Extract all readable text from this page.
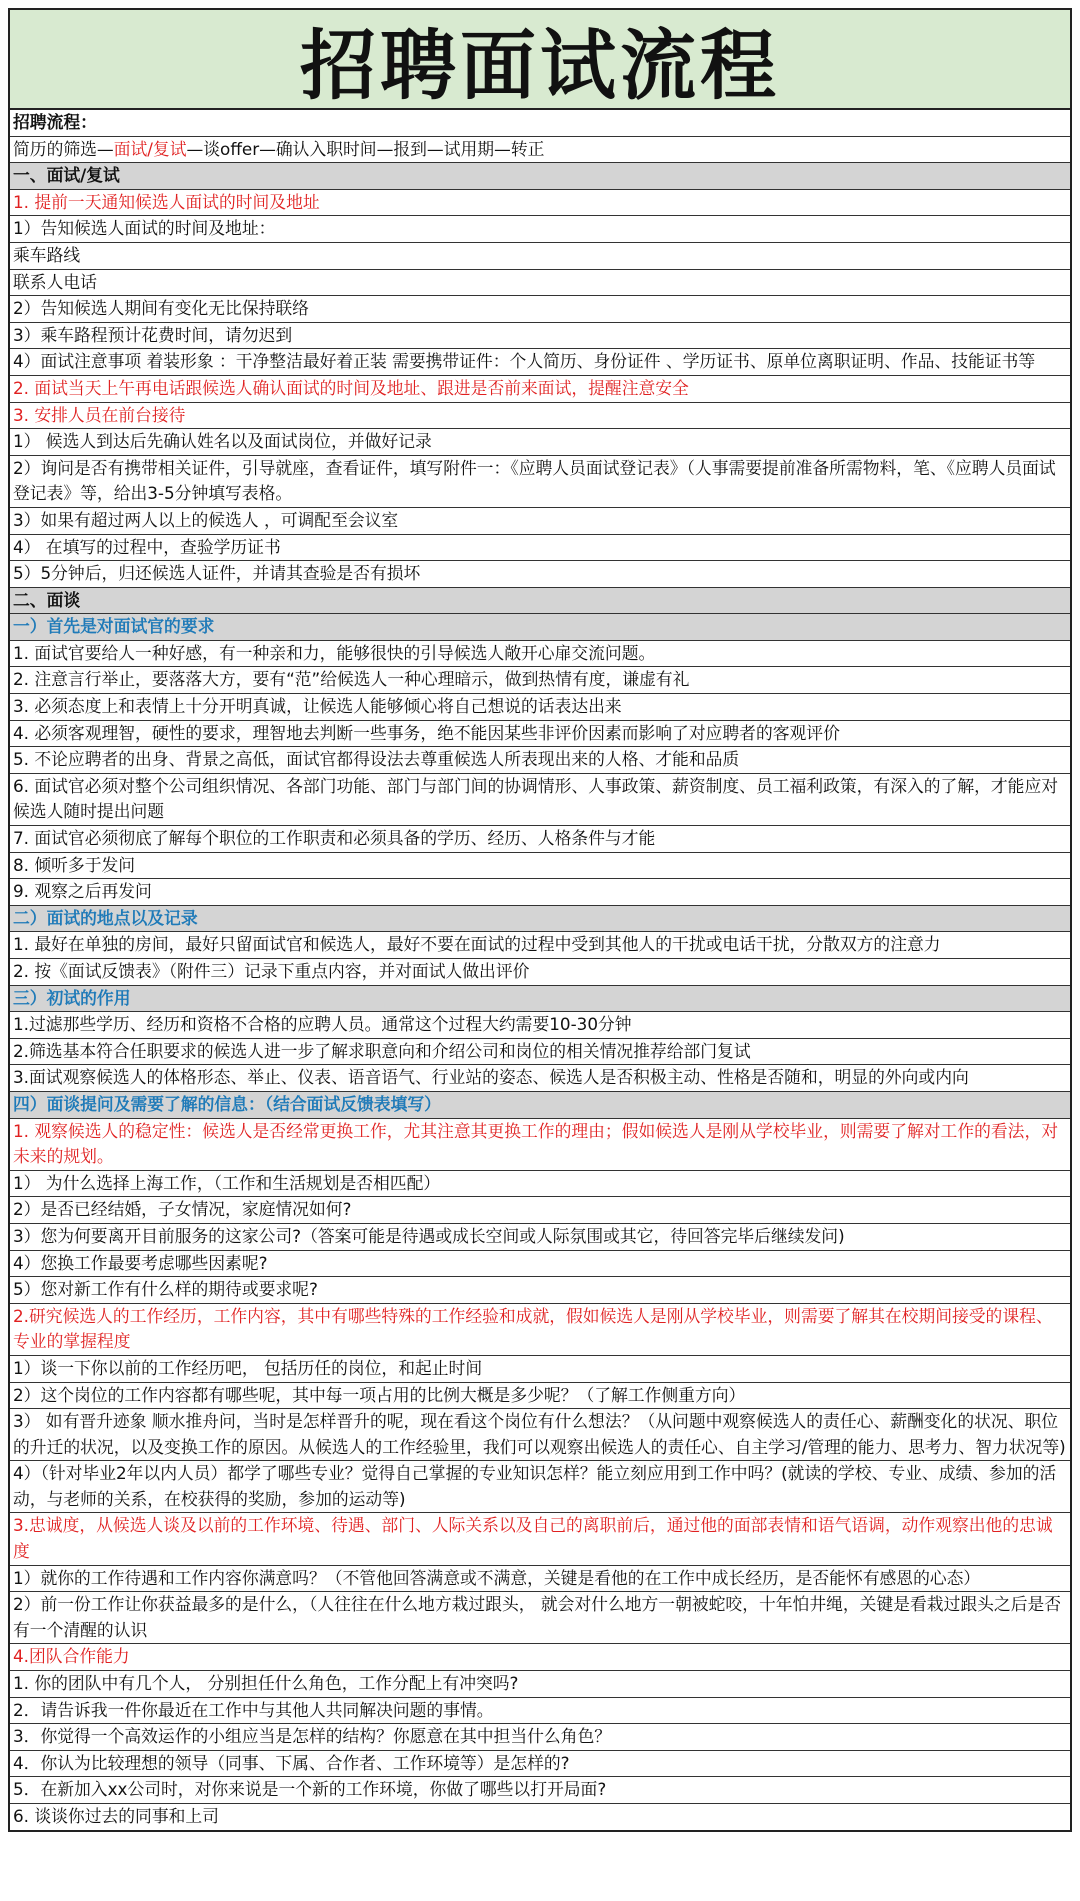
招聘面试流程
招聘流程：
简历的筛选—面试/复试—谈offer—确认入职时间—报到—试用期—转正
一、面试/复试
1. 提前一天通知候选人面试的时间及地址
1）告知候选人面试的时间及地址：
乘车路线
联系人电话
2）告知候选人期间有变化无比保持联络
3）乘车路程预计花费时间，请勿迟到
4）面试注意事项 着装形象 ：干净整洁最好着正装 需要携带证件：个人简历、身份证件 、学历证书、原单位离职证明、作品、技能证书等
2. 面试当天上午再电话跟候选人确认面试的时间及地址、跟进是否前来面试，提醒注意安全
3. 安排人员在前台接待
1） 候选人到达后先确认姓名以及面试岗位，并做好记录
2）询问是否有携带相关证件，引导就座，查看证件，填写附件一：《应聘人员面试登记表》（人事需要提前准备所需物料，笔、《应聘人员面试登记表》等，给出3-5分钟填写表格。
3）如果有超过两人以上的候选人 ，可调配至会议室
4） 在填写的过程中，查验学历证书
5）5分钟后，归还候选人证件，并请其查验是否有损坏
二、面谈
一）首先是对面试官的要求
1. 面试官要给人一种好感，有一种亲和力，能够很快的引导候选人敞开心扉交流问题。
2. 注意言行举止，要落落大方，要有“范”给候选人一种心理暗示，做到热情有度，谦虚有礼
3. 必须态度上和表情上十分开明真诚，让候选人能够倾心将自己想说的话表达出来
4. 必须客观理智，硬性的要求，理智地去判断一些事务，绝不能因某些非评价因素而影响了对应聘者的客观评价
5. 不论应聘者的出身、背景之高低，面试官都得设法去尊重候选人所表现出来的人格、才能和品质
6. 面试官必须对整个公司组织情况、各部门功能、部门与部门间的协调情形、人事政策、薪资制度、员工福利政策，有深入的了解，才能应对候选人随时提出问题
7. 面试官必须彻底了解每个职位的工作职责和必须具备的学历、经历、人格条件与才能
8. 倾听多于发问
9. 观察之后再发问
二）面试的地点以及记录
1. 最好在单独的房间，最好只留面试官和候选人，最好不要在面试的过程中受到其他人的干扰或电话干扰，分散双方的注意力
2. 按《面试反馈表》（附件三）记录下重点内容，并对面试人做出评价
三）初试的作用
1.过滤那些学历、经历和资格不合格的应聘人员。通常这个过程大约需要10-30分钟
2.筛选基本符合任职要求的候选人进一步了解求职意向和介绍公司和岗位的相关情况推荐给部门复试
3.面试观察候选人的体格形态、举止、仪表、语音语气、行业站的姿态、候选人是否积极主动、性格是否随和，明显的外向或内向
四）面谈提问及需要了解的信息：（结合面试反馈表填写）
1. 观察候选人的稳定性：候选人是否经常更换工作，尤其注意其更换工作的理由；假如候选人是刚从学校毕业，则需要了解对工作的看法，对未来的规划。
1） 为什么选择上海工作，（工作和生活规划是否相匹配）
2）是否已经结婚，子女情况，家庭情况如何?
3）您为何要离开目前服务的这家公司?（答案可能是待遇或成长空间或人际氛围或其它，待回答完毕后继续发问)
4）您换工作最要考虑哪些因素呢?
5）您对新工作有什么样的期待或要求呢?
2.研究候选人的工作经历，工作内容，其中有哪些特殊的工作经验和成就，假如候选人是刚从学校毕业，则需要了解其在校期间接受的课程、专业的掌握程度
1）谈一下你以前的工作经历吧， 包括历任的岗位，和起止时间
2）这个岗位的工作内容都有哪些呢，其中每一项占用的比例大概是多少呢？（了解工作侧重方向）
3） 如有晋升迹象 顺水推舟问，当时是怎样晋升的呢，现在看这个岗位有什么想法？（从问题中观察候选人的责任心、薪酬变化的状况、职位的升迁的状况，以及变换工作的原因。从候选人的工作经验里，我们可以观察出候选人的责任心、自主学习/管理的能力、思考力、智力状况等)
4）（针对毕业2年以内人员）都学了哪些专业？觉得自己掌握的专业知识怎样？能立刻应用到工作中吗？(就读的学校、专业、成绩、参加的活动，与老师的关系，在校获得的奖励，参加的运动等)
3.忠诚度，从候选人谈及以前的工作环境、待遇、部门、人际关系以及自己的离职前后，通过他的面部表情和语气语调，动作观察出他的忠诚度
1）就你的工作待遇和工作内容你满意吗？（不管他回答满意或不满意，关键是看他的在工作中成长经历，是否能怀有感恩的心态）
2）前一份工作让你获益最多的是什么，（人往往在什么地方栽过跟头， 就会对什么地方一朝被蛇咬，十年怕井绳，关键是看栽过跟头之后是否有一个清醒的认识
4.团队合作能力
1. 你的团队中有几个人， 分别担任什么角色，工作分配上有冲突吗?
2．请告诉我一件你最近在工作中与其他人共同解决问题的事情。
3．你觉得一个高效运作的小组应当是怎样的结构？你愿意在其中担当什么角色？
4．你认为比较理想的领导（同事、下属、合作者、工作环境等）是怎样的?
5．在新加入xx公司时，对你来说是一个新的工作环境，你做了哪些以打开局面?
6. 谈谈你过去的同事和上司
